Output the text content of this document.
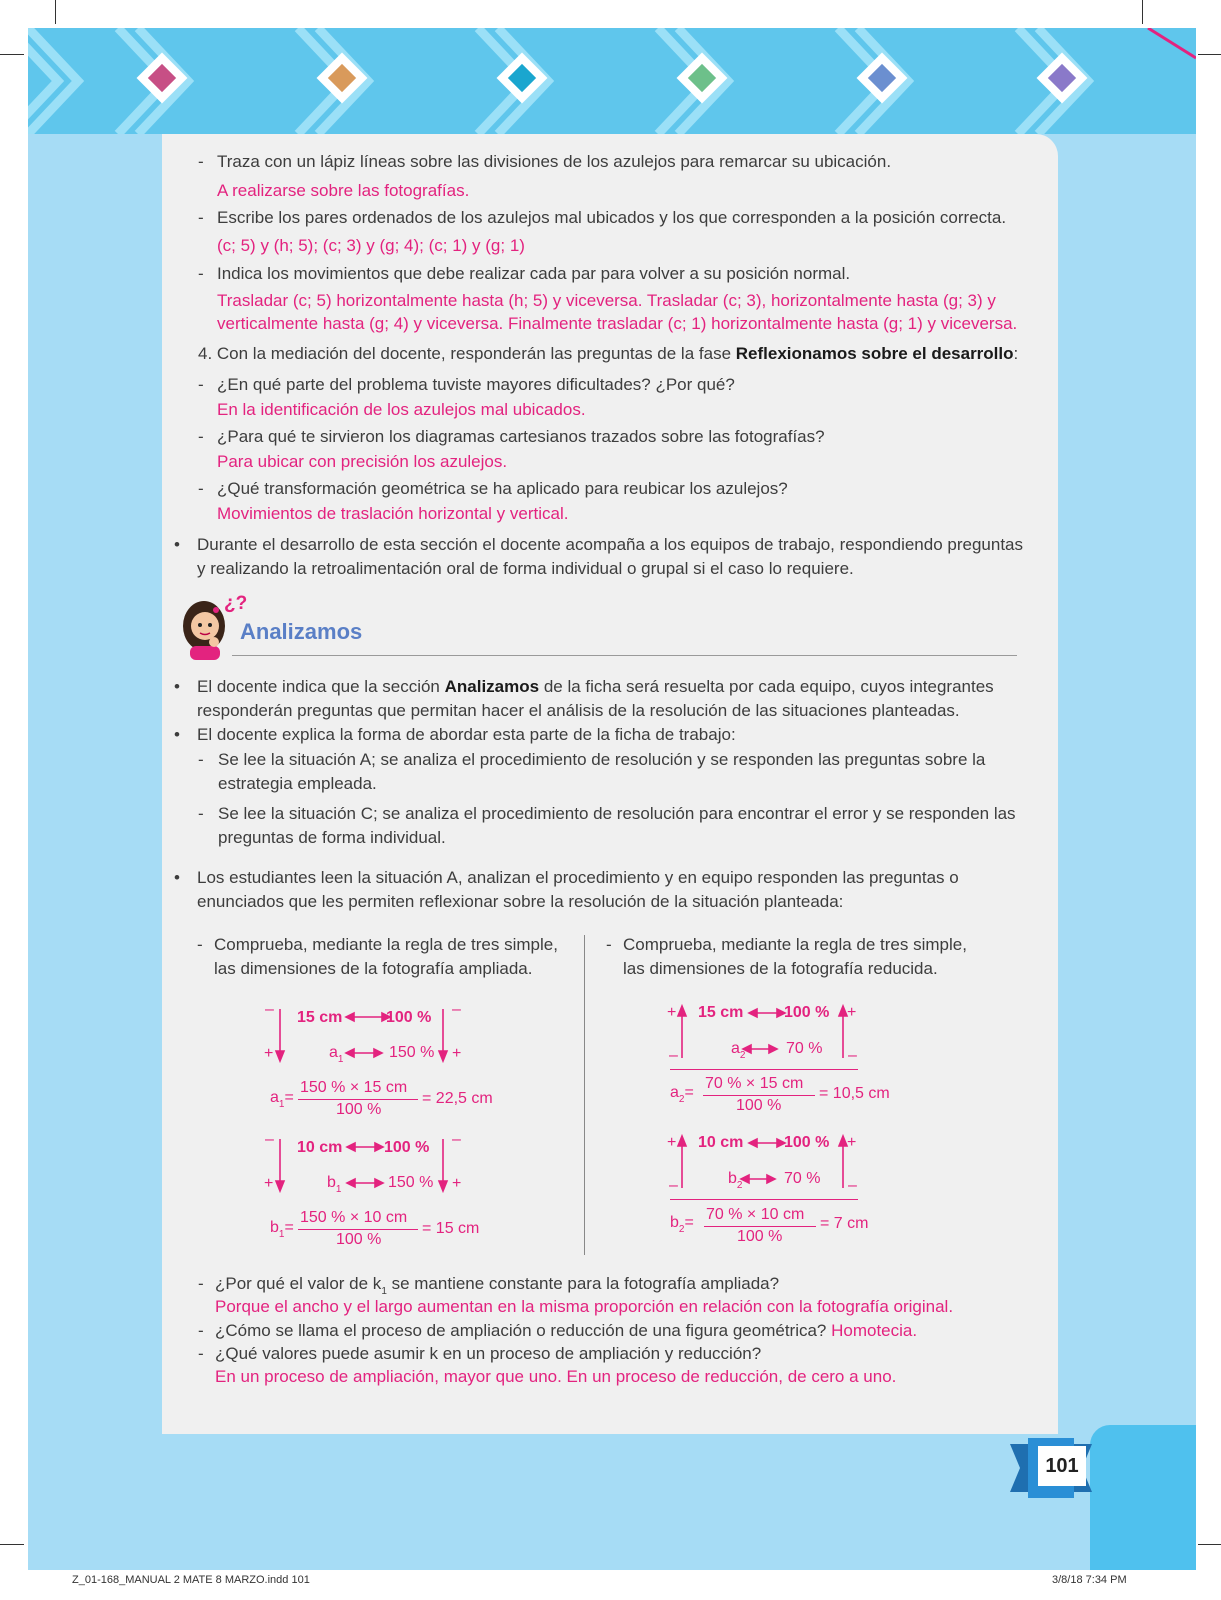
- Traza con un lápiz líneas sobre las divisiones de los azulejos para remarcar su ubicación.
A realizarse sobre las fotografías.
- Escribe los pares ordenados de los azulejos mal ubicados y los que corresponden a la posición correcta.
(c; 5) y (h; 5); (c; 3) y (g; 4); (c; 1) y (g; 1)
- Indica los movimientos que debe realizar cada par para volver a su posición normal.
Trasladar (c; 5) horizontalmente hasta (h; 5) y viceversa. Trasladar (c; 3), horizontalmente hasta (g; 3) y
verticalmente hasta (g; 4) y viceversa. Finalmente trasladar (c; 1) horizontalmente hasta (g; 1) y viceversa.
4. Con la mediación del docente, responderán las preguntas de la fase Reflexionamos sobre el desarrollo:
- ¿En qué parte del problema tuviste mayores dificultades? ¿Por qué?
En la identificación de los azulejos mal ubicados.
- ¿Para qué te sirvieron los diagramas cartesianos trazados sobre las fotografías?
Para ubicar con precisión los azulejos.
- ¿Qué transformación geométrica se ha aplicado para reubicar los azulejos?
Movimientos de traslación horizontal y vertical.
• Durante el desarrollo de esta sección el docente acompaña a los equipos de trabajo, respondiendo preguntas
y realizando la retroalimentación oral de forma individual o grupal si el caso lo requiere.
¿?
Analizamos
• El docente indica que la sección Analizamos de la ficha será resuelta por cada equipo, cuyos integrantes
responderán preguntas que permitan hacer el análisis de la resolución de las situaciones planteadas.
• El docente explica la forma de abordar esta parte de la ficha de trabajo:
- Se lee la situación A; se analiza el procedimiento de resolución y se responden las preguntas sobre la
estrategia empleada.
- Se lee la situación C; se analiza el procedimiento de resolución para encontrar el error y se responden las
preguntas de forma individual.
• Los estudiantes leen la situación A, analizan el procedimiento y en equipo responden las preguntas o
enunciados que les permiten reflexionar sobre la resolución de la situación planteada:
- Comprueba, mediante la regla de tres simple,
las dimensiones de la fotografía ampliada.
- Comprueba, mediante la regla de tres simple,
las dimensiones de la fotografía reducida.
–	–
+	+
15 cm	100 %
$a_1$	150 %
$a_1=$
150 % × 15 cm
100 %
= 22,5 cm
–	–
+	+
10 cm	100 %
$b_1$	150 %
$b_1=$
150 % × 10 cm
100 %
= 15 cm
+	+
–	–
15 cm	100 %
$a_2$	70 %
$a_2=$
70 % × 15 cm
100 %
= 10,5 cm
+	+
–	–
10 cm	100 %
$b_2$	70 %
$b_2= 70$ % × 10 cm
100 %
= 7 cm
- ¿Por qué el valor de $k_1$ se mantiene constante para la fotografía ampliada?
Porque el ancho y el largo aumentan en la misma proporción en relación con la fotografía original.
- ¿Cómo se llama el proceso de ampliación o reducción de una figura geométrica? Homotecia.
- ¿Qué valores puede asumir k en un proceso de ampliación y reducción?
En un proceso de ampliación, mayor que uno. En un proceso de reducción, de cero a uno.
101
Z_01-168_MANUAL 2 MATE 8 MARZO.indd 101	3/8/18 7:34 PM
